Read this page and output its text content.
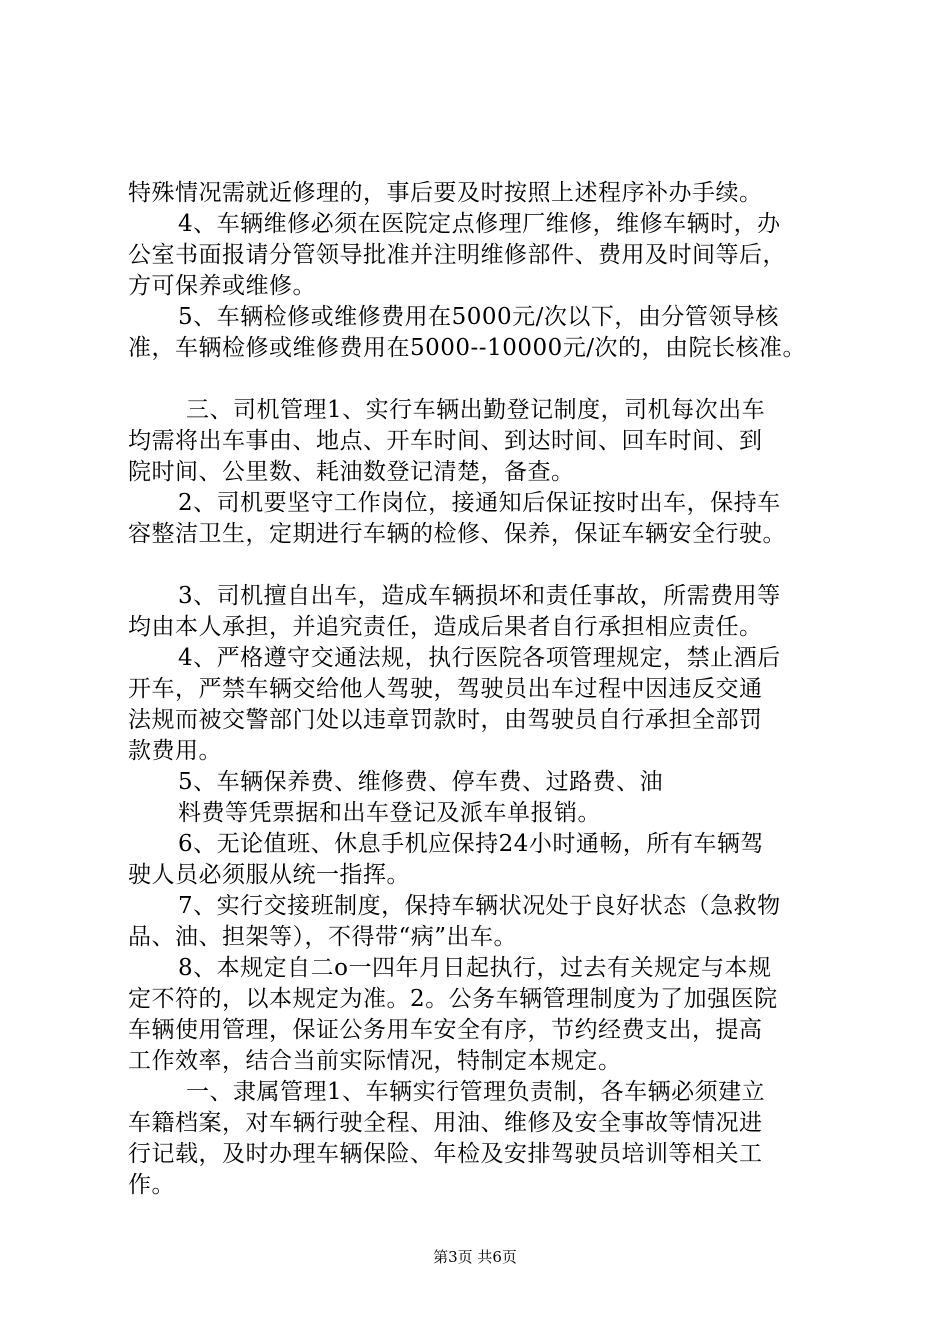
特殊情况需就近修理的，事后要及时按照上述程序补办手续。
4、车辆维修必须在医院定点修理厂维修，维修车辆时，办
公室书面报请分管领导批准并注明维修部件、费用及时间等后，
方可保养或维修。
5、车辆检修或维修费用在5000元/次以下，由分管领导核
准，车辆检修或维修费用在5000--10000元/次的，由院长核准。
三、司机管理1、实行车辆出勤登记制度，司机每次出车
均需将出车事由、地点、开车时间、到达时间、回车时间、到
院时间、公里数、耗油数登记清楚，备查。
2、司机要坚守工作岗位，接通知后保证按时出车，保持车
容整洁卫生，定期进行车辆的检修、保养，保证车辆安全行驶。
3、司机擅自出车，造成车辆损坏和责任事故，所需费用等
均由本人承担，并追究责任，造成后果者自行承担相应责任。
4、严格遵守交通法规，执行医院各项管理规定，禁止酒后
开车，严禁车辆交给他人驾驶，驾驶员出车过程中因违反交通
法规而被交警部门处以违章罚款时，由驾驶员自行承担全部罚
款费用。
5、车辆保养费、维修费、停车费、过路费、油
料费等凭票据和出车登记及派车单报销。
6、无论值班、休息手机应保持24小时通畅，所有车辆驾
驶人员必须服从统一指挥。
7、实行交接班制度，保持车辆状况处于良好状态（急救物
品、油、担架等），不得带“病”出车。
8、本规定自二o一四年月日起执行，过去有关规定与本规
定不符的，以本规定为准。2。公务车辆管理制度为了加强医院
车辆使用管理，保证公务用车安全有序，节约经费支出，提高
工作效率，结合当前实际情况，特制定本规定。
一、隶属管理1、车辆实行管理负责制，各车辆必须建立
车籍档案，对车辆行驶全程、用油、维修及安全事故等情况进
行记载，及时办理车辆保险、年检及安排驾驶员培训等相关工
作。
第3页 共6页
